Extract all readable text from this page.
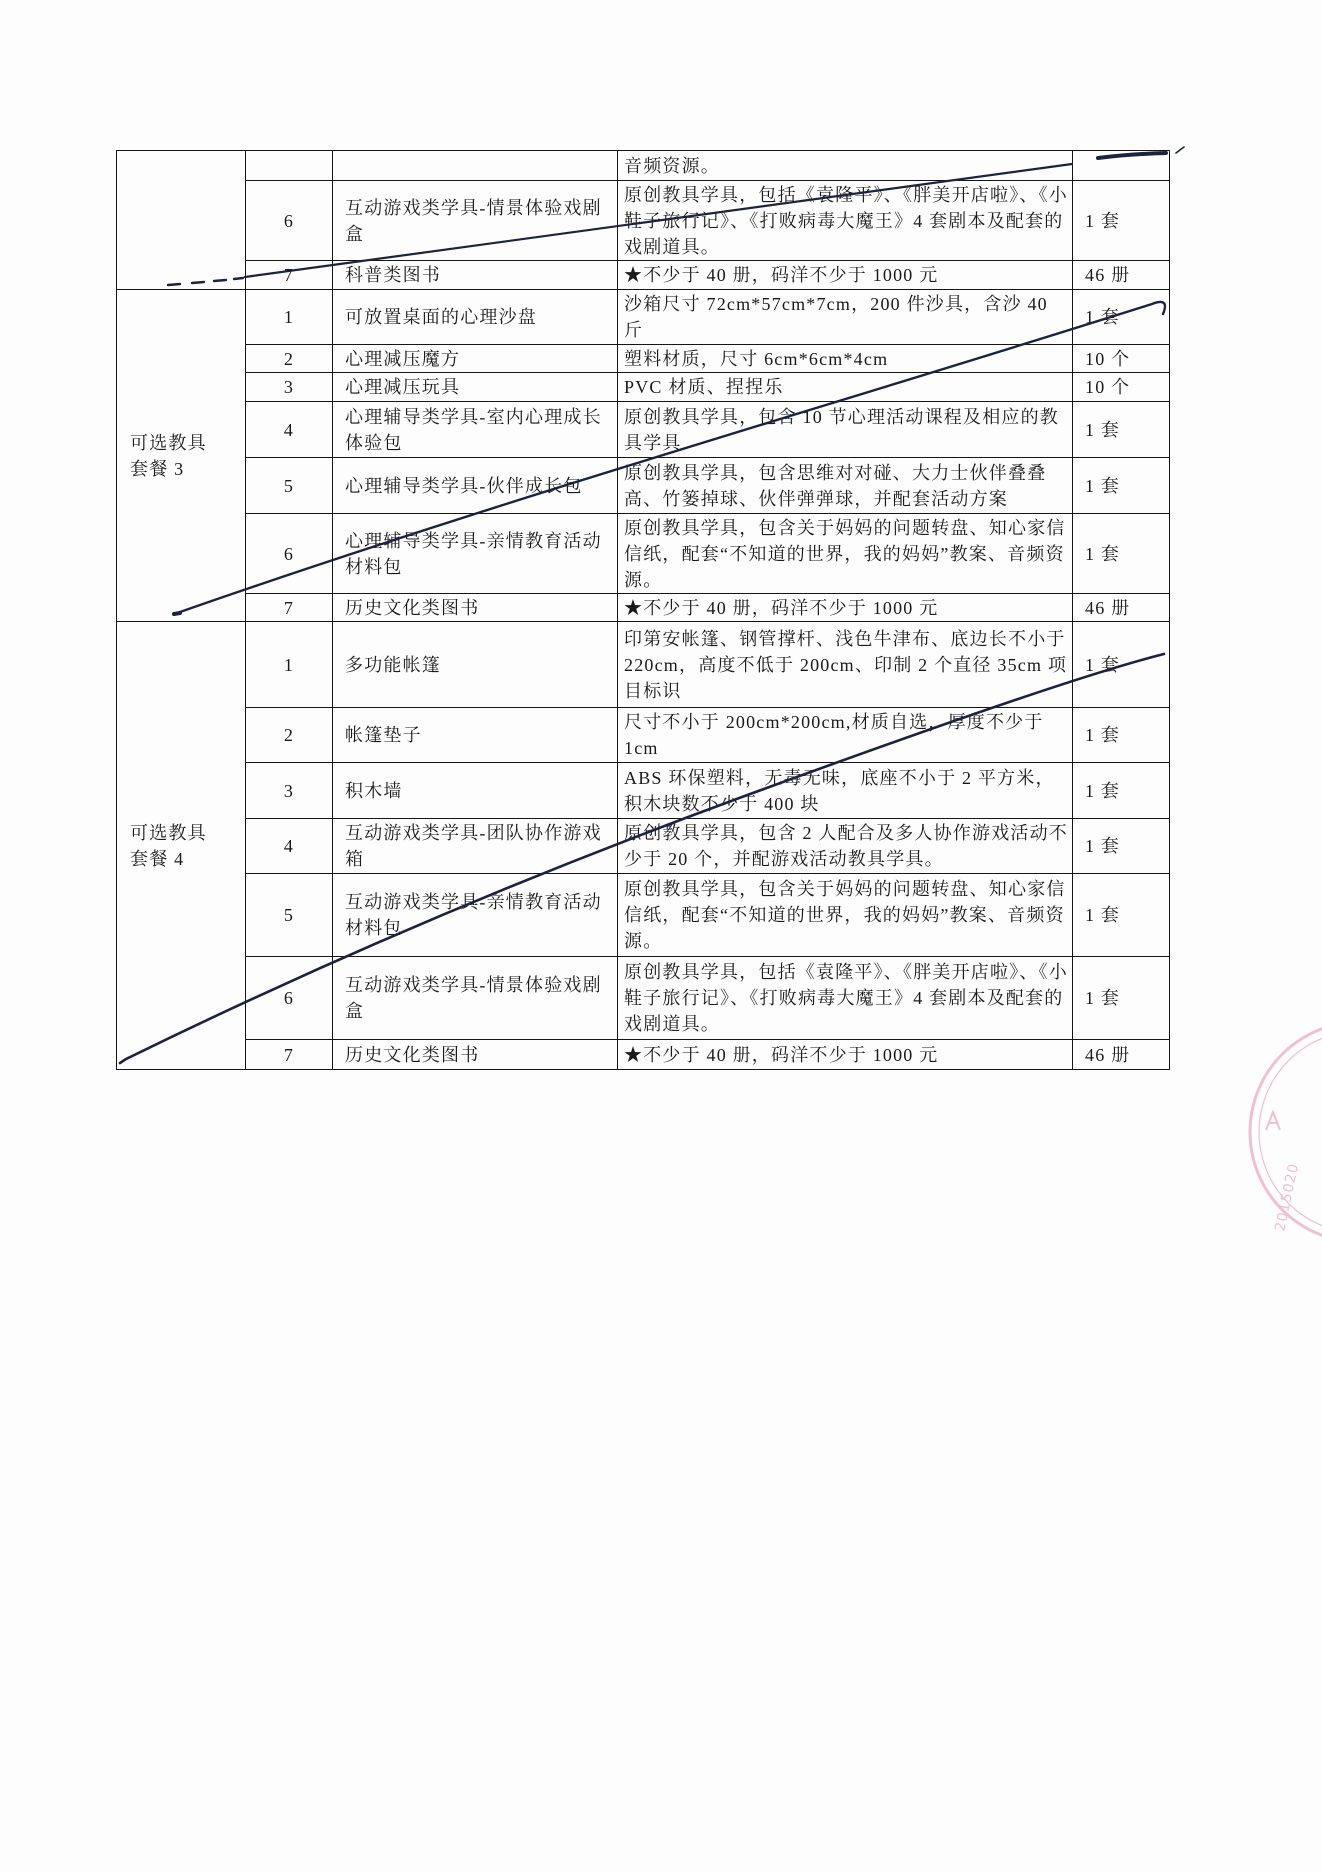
			音频资源。	
	6	互动游戏类学具-情景体验戏剧盒	原创教具学具，包括《袁隆平》、《胖美开店啦》、《小鞋子旅行记》、《打败病毒大魔王》4 套剧本及配套的戏剧道具。	1 套
	7	科普类图书	★不少于 40 册，码洋不少于 1000 元	46 册
可选教具套餐 3	1	可放置桌面的心理沙盘	沙箱尺寸 72cm*57cm*7cm，200 件沙具，含沙 40 斤	1 套
	2	心理减压魔方	塑料材质，尺寸 6cm*6cm*4cm	10 个
	3	心理减压玩具	PVC 材质、捏捏乐	10 个
	4	心理辅导类学具-室内心理成长体验包	原创教具学具，包含 10 节心理活动课程及相应的教具学具	1 套
	5	心理辅导类学具-伙伴成长包	原创教具学具，包含思维对对碰、大力士伙伴叠叠高、竹篓掉球、伙伴弹弹球，并配套活动方案	1 套
	6	心理辅导类学具-亲情教育活动材料包	原创教具学具，包含关于妈妈的问题转盘、知心家信信纸，配套“不知道的世界，我的妈妈”教案、音频资源。	1 套
	7	历史文化类图书	★不少于 40 册，码洋不少于 1000 元	46 册
可选教具套餐 4	1	多功能帐篷	印第安帐篷、钢管撑杆、浅色牛津布、底边长不小于 220cm，高度不低于 200cm、印制 2 个直径 35cm 项目标识	1 套
	2	帐篷垫子	尺寸不小于 200cm*200cm,材质自选，厚度不少于 1cm	1 套
	3	积木墙	ABS 环保塑料，无毒无味，底座不小于 2 平方米，积木块数不少于 400 块	1 套
	4	互动游戏类学具-团队协作游戏箱	原创教具学具，包含 2 人配合及多人协作游戏活动不少于 20 个，并配游戏活动教具学具。	1 套
	5	互动游戏类学具-亲情教育活动材料包	原创教具学具，包含关于妈妈的问题转盘、知心家信信纸，配套“不知道的世界，我的妈妈”教案、音频资源。	1 套
	6	互动游戏类学具-情景体验戏剧盒	原创教具学具，包括《袁隆平》、《胖美开店啦》、《小鞋子旅行记》、《打败病毒大魔王》4 套剧本及配套的戏剧道具。	1 套
	7	历史文化类图书	★不少于 40 册，码洋不少于 1000 元	46 册
2015020
